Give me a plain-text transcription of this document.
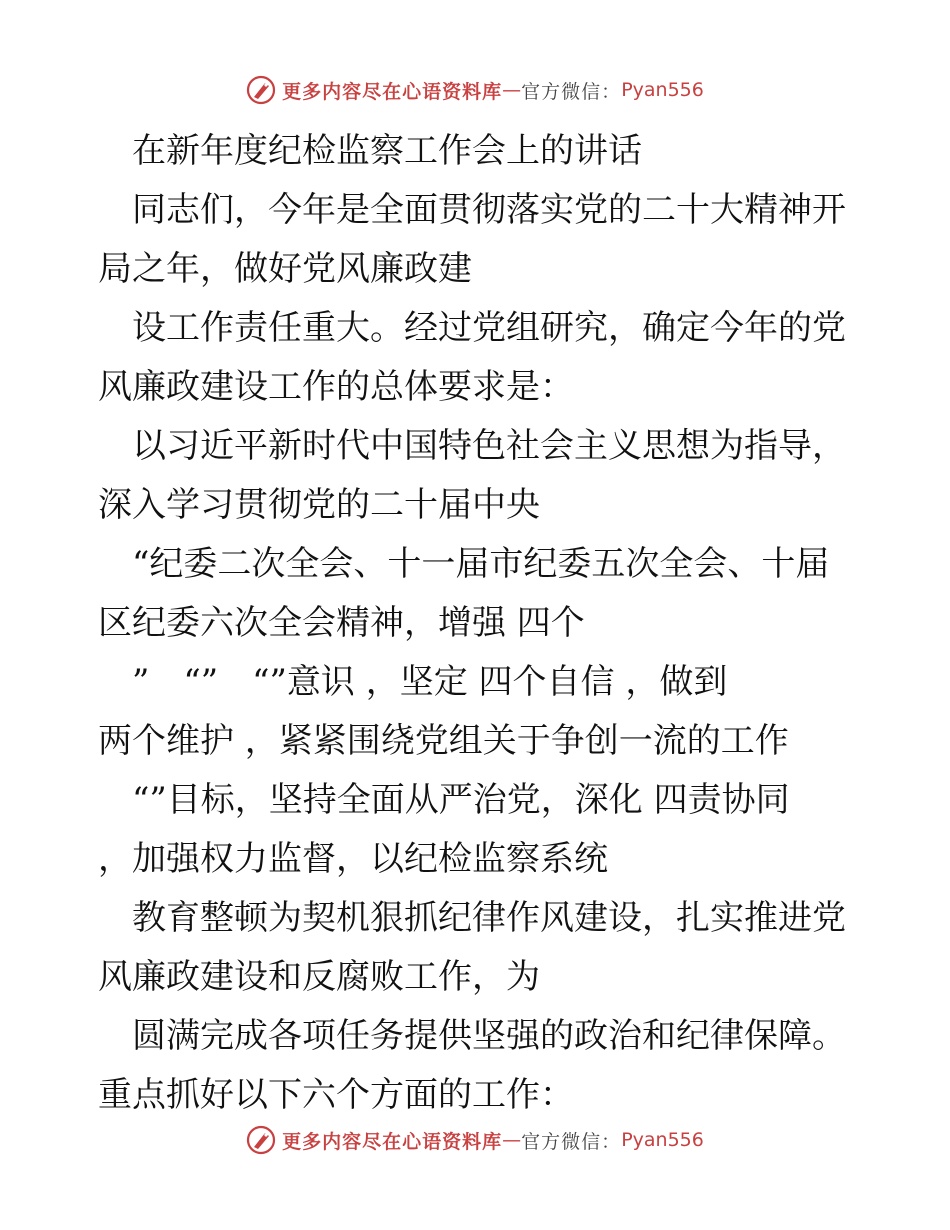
更多内容尽在心语资料库 — 官方微信： Pyan556
　在新年度纪检监察工作会上的讲话
　同志们，今年是全面贯彻落实党的二十大精神开
局之年，做好党风廉政建
　设工作责任重大。经过党组研究，确定今年的党
风廉政建设工作的总体要求是：
　以习近平新时代中国特色社会主义思想为指导，
深入学习贯彻党的二十届中央
　“纪委二次全会、十一届市纪委五次全会、十届
区纪委六次全会精神，增强 四个
　”　“”　“”意识 ，坚定 四个自信 ，做到
两个维护 ，紧紧围绕党组关于争创一流的工作
　“”目标，坚持全面从严治党，深化 四责协同
，加强权力监督，以纪检监察系统
　教育整顿为契机狠抓纪律作风建设，扎实推进党
风廉政建设和反腐败工作，为
　圆满完成各项任务提供坚强的政治和纪律保障。
重点抓好以下六个方面的工作：
更多内容尽在心语资料库 — 官方微信： Pyan556
